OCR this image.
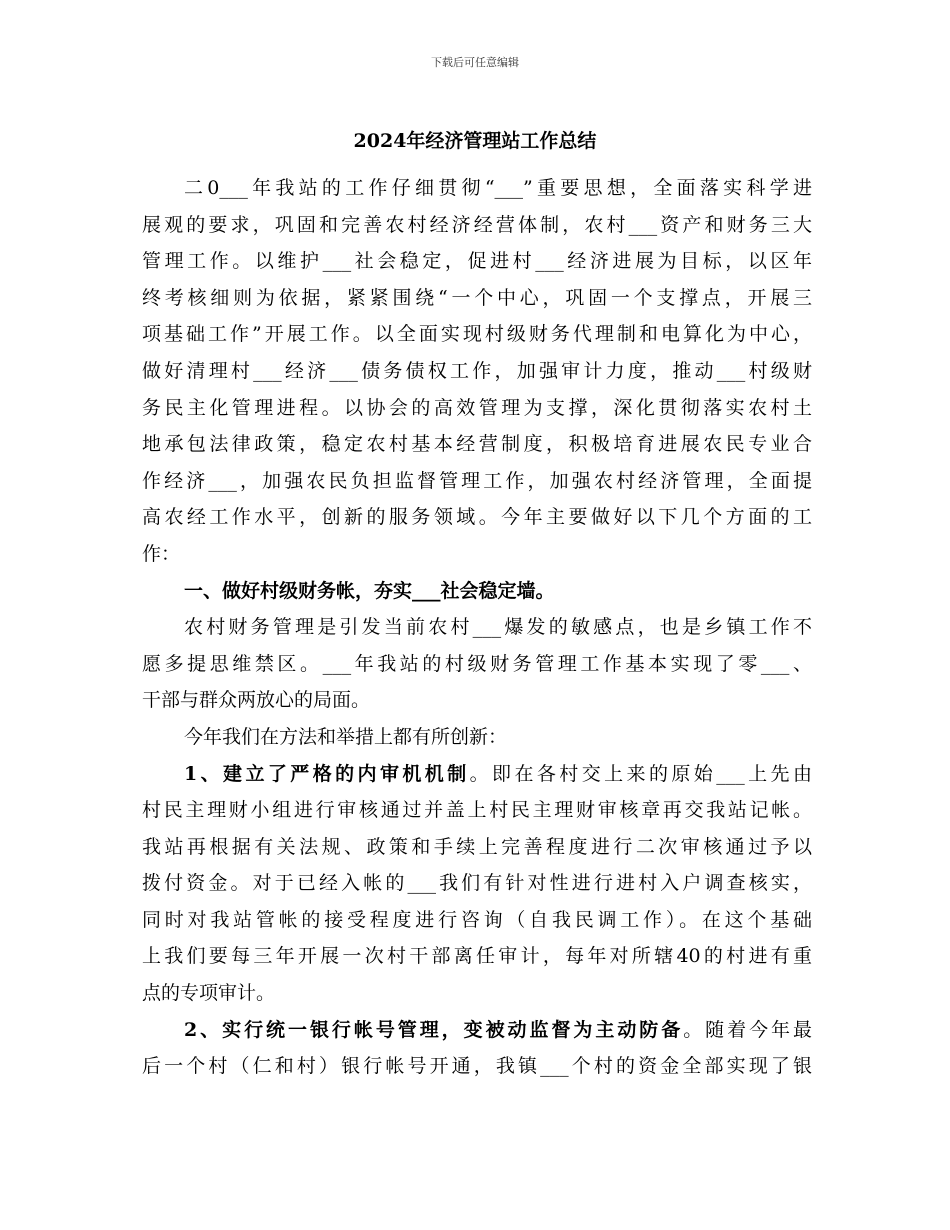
下载后可任意编辑
2024年经济管理站工作总结

二0___年我站的工作仔细贯彻“___”重要思想，全面落实科学进
展观的要求，巩固和完善农村经济经营体制，农村___资产和财务三大
管理工作。以维护___社会稳定，促进村___经济进展为目标，以区年
终考核细则为依据，紧紧围绕“一个中心，巩固一个支撑点，开展三
项基础工作”开展工作。以全面实现村级财务代理制和电算化为中心，
做好清理村___经济___债务债权工作，加强审计力度，推动___村级财
务民主化管理进程。以协会的高效管理为支撑，深化贯彻落实农村土
地承包法律政策，稳定农村基本经营制度，积极培育进展农民专业合
作经济___，加强农民负担监督管理工作，加强农村经济管理，全面提
高农经工作水平，创新的服务领域。今年主要做好以下几个方面的工
作：

一、做好村级财务帐，夯实___社会稳定墙。

农村财务管理是引发当前农村___爆发的敏感点，也是乡镇工作不
愿多提思维禁区。___年我站的村级财务管理工作基本实现了零___、
干部与群众两放心的局面。

今年我们在方法和举措上都有所创新：

1、建立了严格的内审机机制。即在各村交上来的原始___上先由
村民主理财小组进行审核通过并盖上村民主理财审核章再交我站记帐。
我站再根据有关法规、政策和手续上完善程度进行二次审核通过予以
拨付资金。对于已经入帐的___我们有针对性进行进村入户调查核实，
同时对我站管帐的接受程度进行咨询（自我民调工作）。在这个基础
上我们要每三年开展一次村干部离任审计，每年对所辖40的村进有重
点的专项审计。

2、实行统一银行帐号管理，变被动监督为主动防备。随着今年最
后一个村（仁和村）银行帐号开通，我镇___个村的资金全部实现了银
